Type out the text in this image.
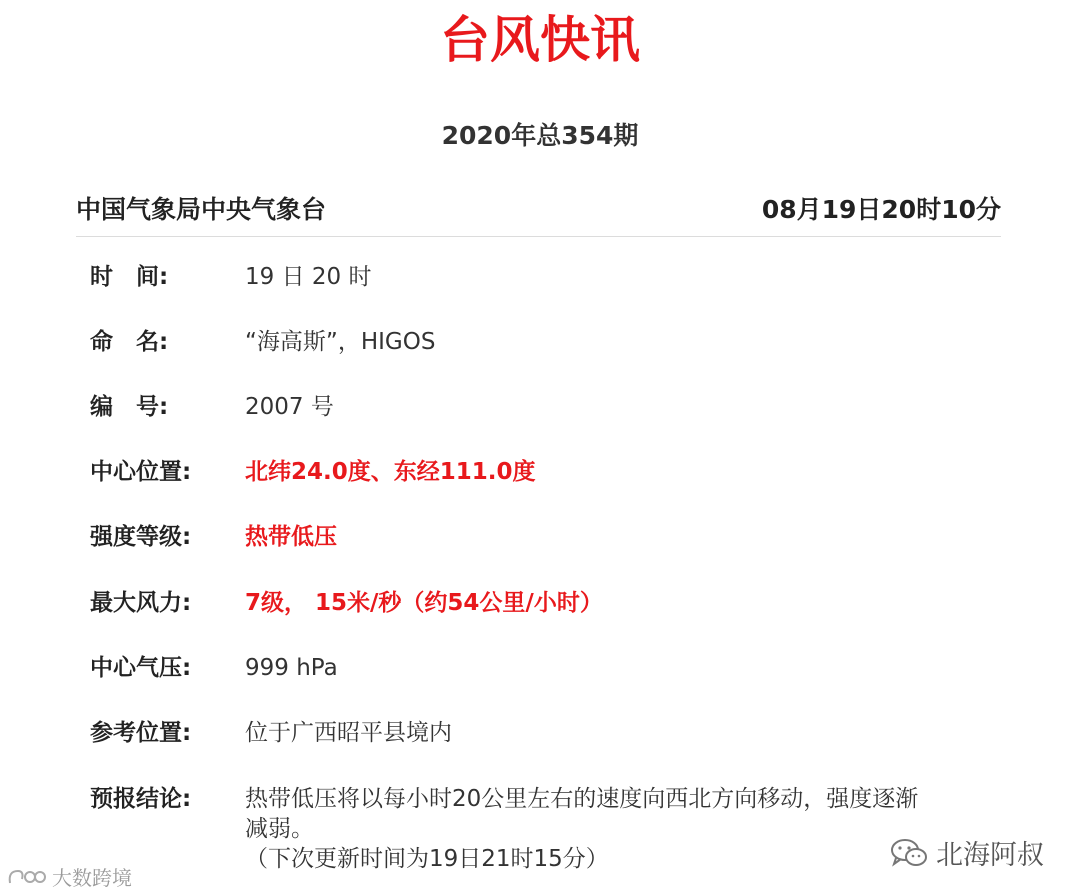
台风快讯
2020年总354期
中国气象局中央气象台	08月19日20时10分
时　间:	19 日 20 时
命　名:	“海高斯”，HIGOS
编　号:	2007 号
中心位置:	北纬24.0度、东经111.0度
强度等级:	热带低压
最大风力:	7级， 15米/秒（约54公里/小时）
中心气压:	999 hPa
参考位置:	位于广西昭平县境内
预报结论:	热带低压将以每小时20公里左右的速度向西北方向移动，强度逐渐
减弱。
（下次更新时间为19日21时15分）	北海阿叔
大数跨境
